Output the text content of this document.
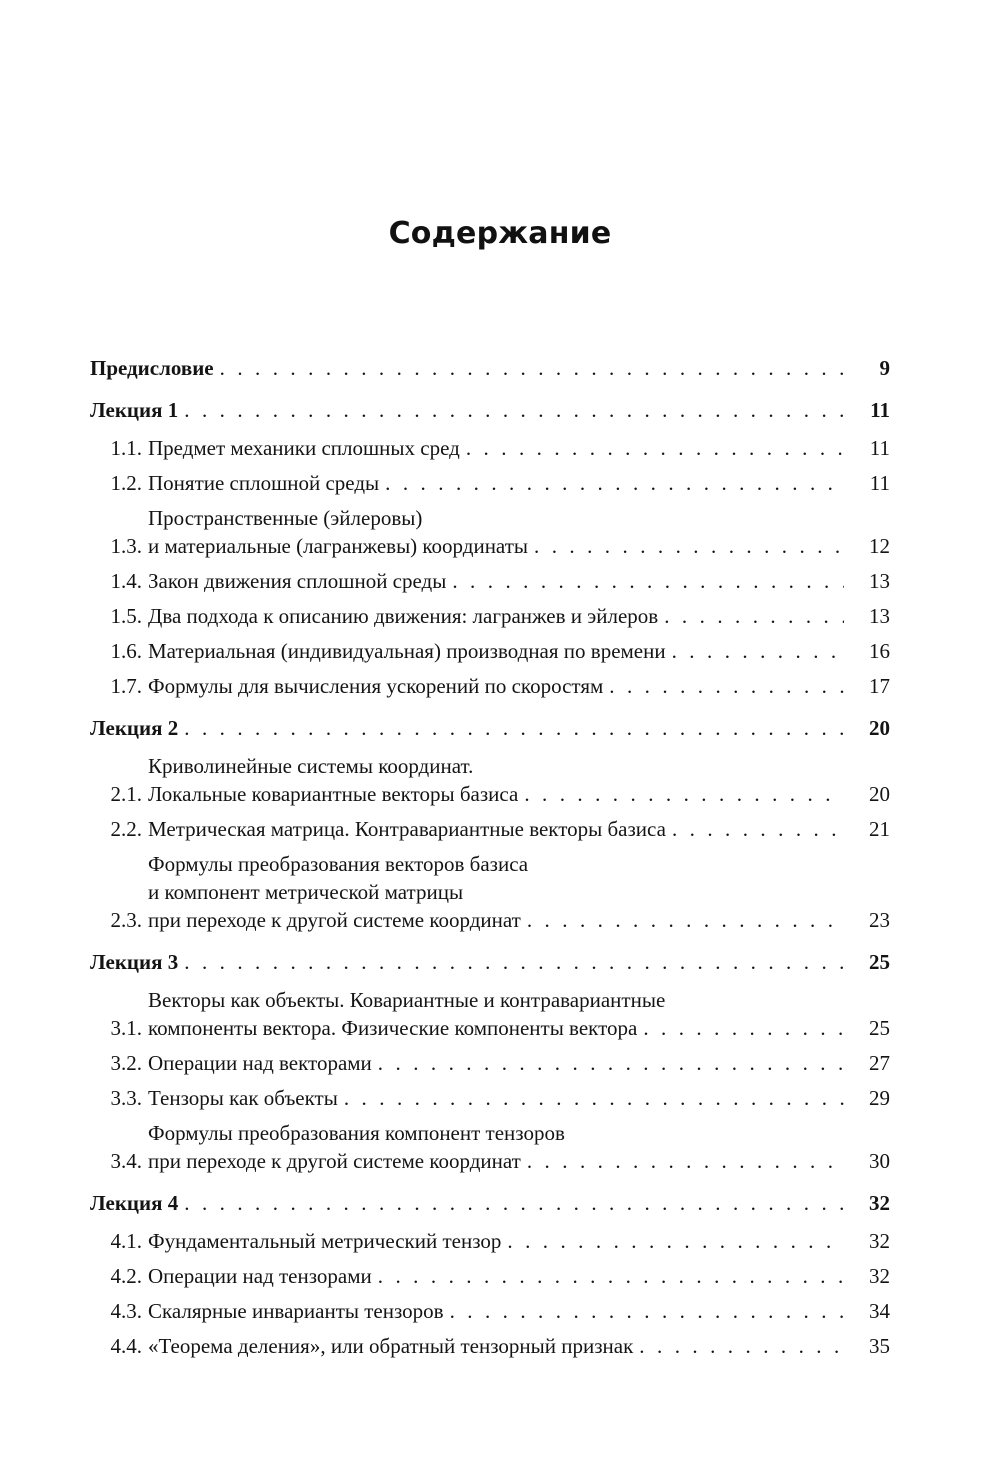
Содержание
Предисловие . . .	9
Лекция 1 . . .	11
1.1. Предмет механики сплошных сред . . .	11
1.2. Понятие сплошной среды . . .	11
1.3.
Пространственные (эйлеровы)
и материальные (лагранжевы) координаты . . .	12
1.4. Закон движения сплошной среды . . .	13
1.5. Два подхода к описанию движения: лагранжев и эйлеров . . .	13
1.6. Материальная (индивидуальная) производная по времени . . .	16
1.7. Формулы для вычисления ускорений по скоростям . . .	17
Лекция 2 . . .	20
2.1.
Криволинейные системы координат.
Локальные ковариантные векторы базиса . . .	20
2.2. Метрическая матрица. Контравариантные векторы базиса . . .	21
2.3.
Формулы преобразования векторов базиса
и компонент метрической матрицы
при переходе к другой системе координат . . .	23
Лекция 3 . . .	25
3.1.
Векторы как объекты. Ковариантные и контравариантные
компоненты вектора. Физические компоненты вектора . . .	25
3.2. Операции над векторами . . .	27
3.3. Тензоры как объекты . . .	29
3.4.
Формулы преобразования компонент тензоров
при переходе к другой системе координат . . .	30
Лекция 4 . . .	32
4.1. Фундаментальный метрический тензор . . .	32
4.2. Операции над тензорами . . .	32
4.3. Скалярные инварианты тензоров . . .	34
4.4. «Теорема деления», или обратный тензорный признак . . .	35
